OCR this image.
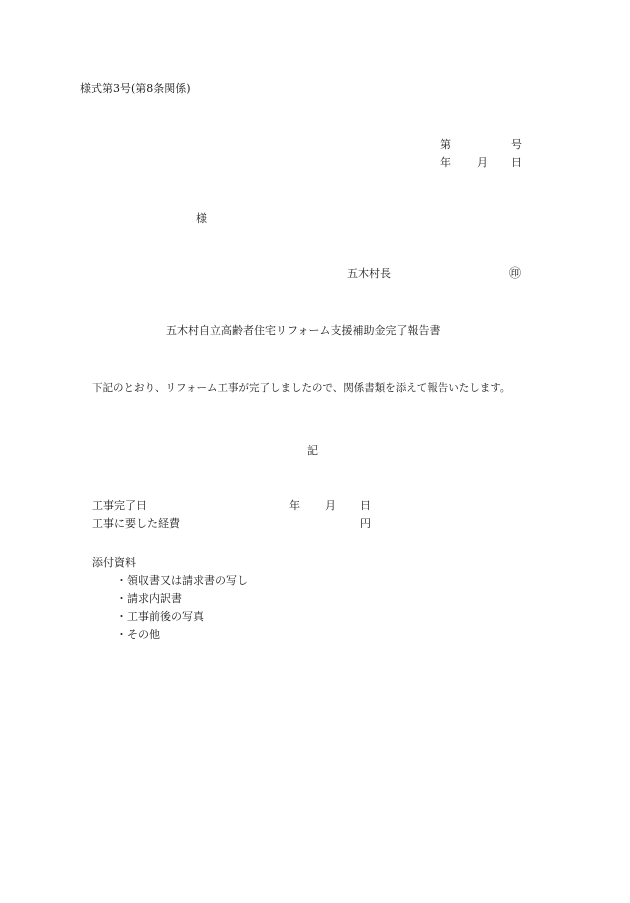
様式第3号(第8条関係)
第	号
年 月 日
様
五木村長	㊞
五木村自立高齢者住宅リフォーム支援補助金完了報告書
下記のとおり、リフォーム工事が完了しましたので、関係書類を添えて報告いたします。
記
工事完了日	年 月 日
工事に要した経費	円
添付資料
・領収書又は請求書の写し
・請求内訳書
・工事前後の写真
・その他
